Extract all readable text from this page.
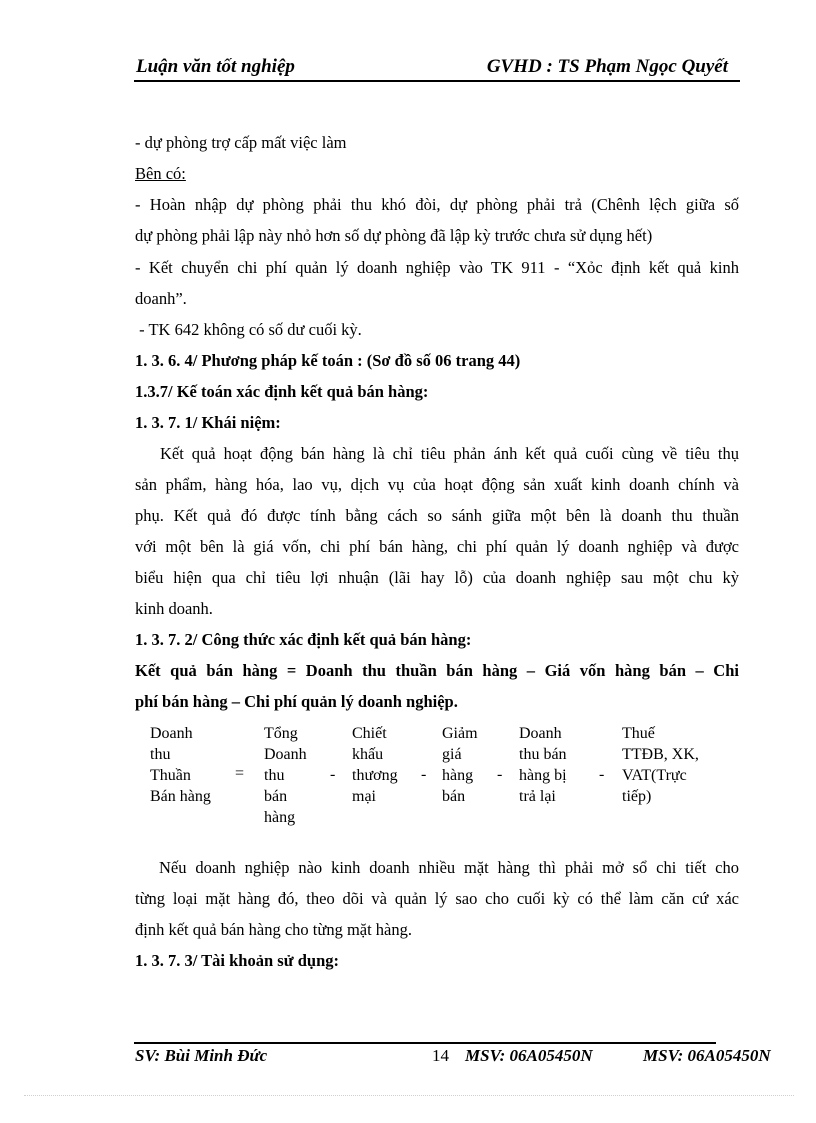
Luận văn tốt nghiệp	GVHD : TS Phạm Ngọc Quyết
- dự phòng trợ cấp mất việc làm
Bên có:
- Hoàn nhập dự phòng phải thu khó đòi, dự phòng phải trả (Chênh lệch giữa số
dự phòng phải lập này nhỏ hơn số dự phòng đã lập kỳ trước chưa sử dụng hết)
- Kết chuyển chi phí quản lý doanh nghiệp vào TK 911 - “Xỏc định kết quả kinh
doanh”.
- TK 642 không có số dư cuối kỳ.
1. 3. 6. 4/ Phương pháp kế toán : (Sơ đồ số 06 trang 44)
1.3.7/ Kế toán xác định kết quả bán hàng:
1. 3. 7. 1/ Khái niệm:
Kết quả hoạt động bán hàng là chỉ tiêu phản ánh kết quả cuối cùng về tiêu thụ
sản phẩm, hàng hóa, lao vụ, dịch vụ của hoạt động sản xuất kinh doanh chính và
phụ. Kết quả đó được tính bằng cách so sánh giữa một bên là doanh thu thuần
với một bên là giá vốn, chi phí bán hàng, chi phí quản lý doanh nghiệp và được
biểu hiện qua chỉ tiêu lợi nhuận (lãi hay lỗ) của doanh nghiệp sau một chu kỳ
kinh doanh.
1. 3. 7. 2/ Công thức xác định kết quả bán hàng:
Kết quả bán hàng = Doanh thu thuần bán hàng – Giá vốn hàng bán – Chi
phí bán hàng – Chi phí quản lý doanh nghiệp.
Nếu doanh nghiệp nào kinh doanh nhiều mặt hàng thì phải mở sổ chi tiết cho
từng loại mặt hàng đó, theo dõi và quản lý sao cho cuối kỳ có thể làm căn cứ xác
định kết quả bán hàng cho từng mặt hàng.
1. 3. 7. 3/ Tài khoản sử dụng:
Doanh
thu
Thuần
Bán hàng
=
Tổng
Doanh
thu
bán
hàng
-
Chiết
khấu
thương
mại
-
Giảm
giá
hàng
bán
-
Doanh
thu bán
hàng bị
trả lại
-
Thuế
TTĐB, XK,
VAT(Trực
tiếp)
SV: Bùi Minh Đức	14 MSV: 06A05450N	MSV: 06A05450N
